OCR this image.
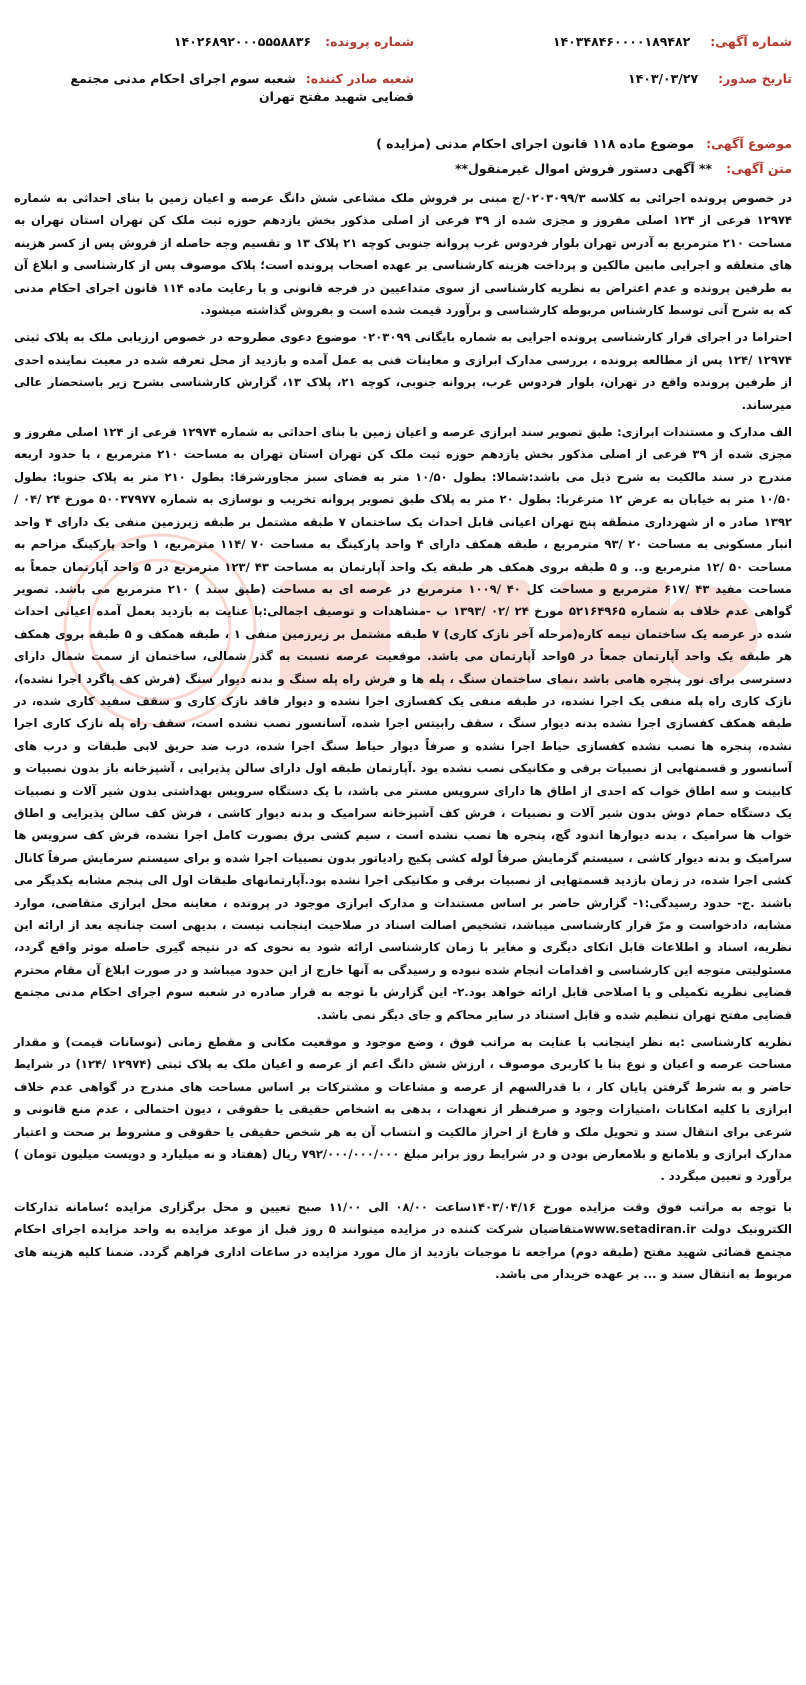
شماره آگهی: ۱۴۰۳۴۸۴۶۰۰۰۰۱۸۹۴۸۲
شماره پرونده: ۱۴۰۲۶۸۹۲۰۰۰۵۵۵۸۸۳۶
تاریخ صدور: ۱۴۰۳/۰۳/۲۷
شعبه صادر کننده: شعبه سوم اجرای احکام مدنی مجتمع قضایی شهید مفتح تهران
موضوع آگهی: موضوع ماده ۱۱۸ قانون اجرای احکام مدنی (مزایده )
متن آگهی: ** آگهی دستور فروش اموال غیرمنقول**

در خصوص پرونده اجرائی به کلاسه ۰۲۰۳۰۹۹/۳/ج مبنی بر فروش ملک مشاعی شش دانگ عرصه و اعیان زمین با بنای احداثی به شماره ۱۲۹۷۴ فرعی از ۱۲۴ اصلی مفروز و مجزی شده از ۳۹ فرعی از اصلی مذکور بخش یازدهم حوزه ثبت ملک کن تهران استان تهران به مساحت ۲۱۰ مترمربع به آدرس تهران بلوار فردوس غرب پروانه جنوبی کوچه ۲۱ پلاک ۱۳ و تقسیم وجه حاصله از فروش پس از کسر هزینه های متعلقه و اجرایی مابین مالکین و پرداخت هزینه کارشناسی بر عهده اصحاب پرونده است؛ پلاک موصوف پس از کارشناسی و ابلاغ آن به طرفین پرونده و عدم اعتراض به نظریه کارشناسی از سوی متداعیین در فرجه قانونی و با رعایت ماده ۱۱۴ قانون اجرای احکام مدنی که به شرح آتی توسط کارشناس مربوطه کارشناسی و برآورد قیمت شده است و بفروش گذاشته میشود.

احتراما در اجرای قرار کارشناسی پرونده اجرایی به شماره بایگانی ۰۲۰۳۰۹۹ موضوع دعوی مطروحه در خصوص ارزیابی ملک به پلاک ثبتی ۱۲۹۷۴ /۱۲۴ پس از مطالعه پرونده ، بررسی مدارک ابرازی و معاینات فنی به عمل آمده و بازدید از محل تعرفه شده در معیت نماینده احدی از طرفین پرونده واقع در تهران، بلوار فردوس غرب، پروانه جنوبی، کوچه ۲۱، پلاک ۱۳، گزارش کارشناسی بشرح زیر باستحضار عالی میرساند.

الف مدارک و مستندات ابرازی: طبق تصویر سند ابرازی عرصه و اعیان زمین با بنای احداثی به شماره ۱۲۹۷۴ فرعی از ۱۲۴ اصلی مفروز و مجزی شده از ۳۹ فرعی از اصلی مذکور بخش یازدهم حوزه ثبت ملک کن تهران استان تهران به مساحت ۲۱۰ مترمربع ، با حدود اربعه مندرج در سند مالکیت به شرح ذیل می باشد:شمالا: بطول ۱۰/۵۰ متر به فضای سبز مجاورشرقا: بطول ۲۱۰ متر به پلاک جنوبا: بطول ۱۰/۵۰ متر به خیابان به عرض ۱۲ مترغربا: بطول ۲۰ متر به پلاک طبق تصویر پروانه تخریب و نوسازی به شماره ۵۰۰۳۷۹۷۷ مورخ ۲۴ /۰۴ /۱۳۹۲ صادر ه از شهرداری منطقه پنج تهران اعیانی قابل احداث یک ساختمان ۷ طبقه مشتمل بر طبقه زیرزمین منفی یک دارای ۴ واحد انبار مسکونی به مساحت ۲۰ /۹۳ مترمربع ، طبقه همکف دارای ۴ واحد پارکینگ به مساحت ۷۰ /۱۱۴ مترمربع، ۱ واحد پارکینگ مزاحم به مساحت ۵۰ /۱۲ مترمربع و.. و ۵ طبقه بروی همکف هر طبقه یک واحد آپارتمان به مساحت ۴۳ /۱۲۳ مترمربع در ۵ واحد آپارتمان جمعاً به مساحت مفید ۴۳ /۶۱۷ مترمربع و مساحت کل ۴۰ /۱۰۰۹ مترمربع در عرصه ای به مساحت (طبق سند ) ۲۱۰ مترمربع می باشد. تصویر گواهی عدم خلاف به شماره ۵۲۱۶۴۹۶۵ مورخ ۲۴ /۰۲ /۱۳۹۳ ب -مشاهدات و توصیف اجمالی:با عنایت به بازدید بعمل آمده اعیانی احداث شده در عرصه یک ساختمان نیمه کاره(مرحله آخر نازک کاری) ۷ طبقه مشتمل بر زیرزمین منفی ۱ ، طبقه همکف و ۵ طبقه بروی همکف هر طبقه یک واحد آپارتمان جمعاً در ۵واحد آپارتمان می باشد. موقعیت عرصه نسبت به گذر شمالی، ساختمان از سمت شمال دارای دسترسی برای نور پنجره هامی باشد ،نمای ساختمان سنگ ، پله ها و فرش راه پله سنگ و بدنه دیوار سنگ (فرش کف پاگرد اجرا نشده)، نازک کاری راه پله منفی یک اجرا نشده، در طبقه منفی یک کفسازی اجرا نشده و دیوار فاقد نازک کاری و سقف سفید کاری شده، در طبقه همکف کفسازی اجرا نشده بدنه دیوار سنگ ، سقف رابیتس اجرا شده، آسانسور نصب نشده است، سقف راه پله نازک کاری اجرا نشده، پنجره ها نصب نشده کفسازی حیاط اجرا نشده و صرفاً دیوار حیاط سنگ اجرا شده، درب ضد حریق لابی طبقات و درب های آسانسور و قسمتهایی از نصبیات برقی و مکانیکی نصب نشده بود .آپارتمان طبقه اول دارای سالن پذیرایی ، آشپزخانه باز بدون نصبیات و کابینت و سه اطاق خواب که احدی از اطاق ها دارای سرویس مستر می باشد، با یک دستگاه سرویس بهداشتی بدون شیر آلات و نصبیات یک دستگاه حمام دوش بدون شیر آلات و نصبیات ، فرش کف آشپزخانه سرامیک و بدنه دیوار کاشی ، فرش کف سالن پذیرایی و اطاق خواب ها سرامیک ، بدنه دیوارها اندود گچ، پنجره ها نصب نشده است ، سیم کشی برق بصورت کامل اجرا نشده، فرش کف سرویس ها سرامیک و بدنه دیوار کاشی ، سیستم گرمایش صرفاً لوله کشی پکیج رادیاتور بدون نصبیات اجرا شده و برای سیستم سرمایش صرفاً کانال کشی اجرا شده، در زمان بازدید قسمتهایی از نصبیات برقی و مکانیکی اجرا نشده بود.آپارتمانهای طبقات اول الی پنجم مشابه یکدیگر می باشند .ج- حدود رسیدگی:۱- گزارش حاضر بر اساس مستندات و مدارک ابرازی موجود در پرونده ، معاینه محل ابرازی متقاضی، موارد مشابه، دادخواست و مرّ قرار کارشناسی میباشد، تشخیص اصالت اسناد در صلاحیت اینجانب نیست ، بدیهی است چنانچه بعد از ارائه این نظریه، اسناد و اطلاعات قابل اتکای دیگری و مغایر با زمان کارشناسی ارائه شود به نحوی که در نتیجه گیری حاصله موثر واقع گردد، مسئولیتی متوجه این کارشناسی و اقدامات انجام شده نبوده و رسیدگی به آنها خارج از این حدود میباشد و در صورت ابلاغ آن مقام محترم قضایی نظریه تکمیلی و یا اصلاحی قابل ارائه خواهد بود.۲- این گزارش با توجه به قرار صادره در شعبه سوم اجرای احکام مدنی مجتمع قضایی مفتح تهران تنظیم شده و قابل استناد در سایر محاکم و جای دیگر نمی باشد.

نظریه کارشناسی :به نظر اینجانب با عنایت به مراتب فوق ، وضع موجود و موقعیت مکانی و مقطع زمانی (نوسانات قیمت) و مقدار مساحت عرصه و اعیان و نوع بنا با کاربری موصوف ، ارزش شش دانگ اعم از عرصه و اعیان ملک به پلاک ثبتی (۱۲۹۷۴ /۱۲۴) در شرایط حاضر و به شرط گرفتن پایان کار ، با قدرالسهم از عرصه و مشاعات و مشترکات بر اساس مساحت های مندرج در گواهی عدم خلاف ابرازی با کلیه امکانات ،امتیازات وجود و صرفنظر از تعهدات ، بدهی به اشخاص حقیقی یا حقوقی ، دیون احتمالی ، عدم منع قانونی و شرعی برای انتقال سند و تحویل ملک و فارغ از احراز مالکیت و انتساب آن به هر شخص حقیقی یا حقوقی و مشروط بر صحت و اعتبار مدارک ابرازی و بلامانع و بلامعارض بودن و در شرایط روز برابر مبلغ ۷۹۲/۰۰۰/۰۰۰/۰۰۰ ریال (هفتاد و نه میلیارد و دویست میلیون تومان ) برآورد و تعیین میگردد .

با توجه به مراتب فوق وقت مزایده مورخ ۱۴۰۳/۰۴/۱۶ساعت ۰۸/۰۰ الی ۱۱/۰۰ صبح تعیین و محل برگزاری مزایده ؛سامانه تدارکات الکترونیک دولت www.setadiran.irمتقاضیان شرکت کننده در مزایده میتوانند ۵ روز قبل از موعد مزایده به واحد مزایده اجرای احکام مجتمع قضائی شهید مفتح (طبقه دوم) مراجعه تا موجبات بازدید از مال مورد مزایده در ساعات اداری فراهم گردد. ضمنا کلیه هزینه های مربوط به انتقال سند و ... بر عهده خریدار می باشد.
